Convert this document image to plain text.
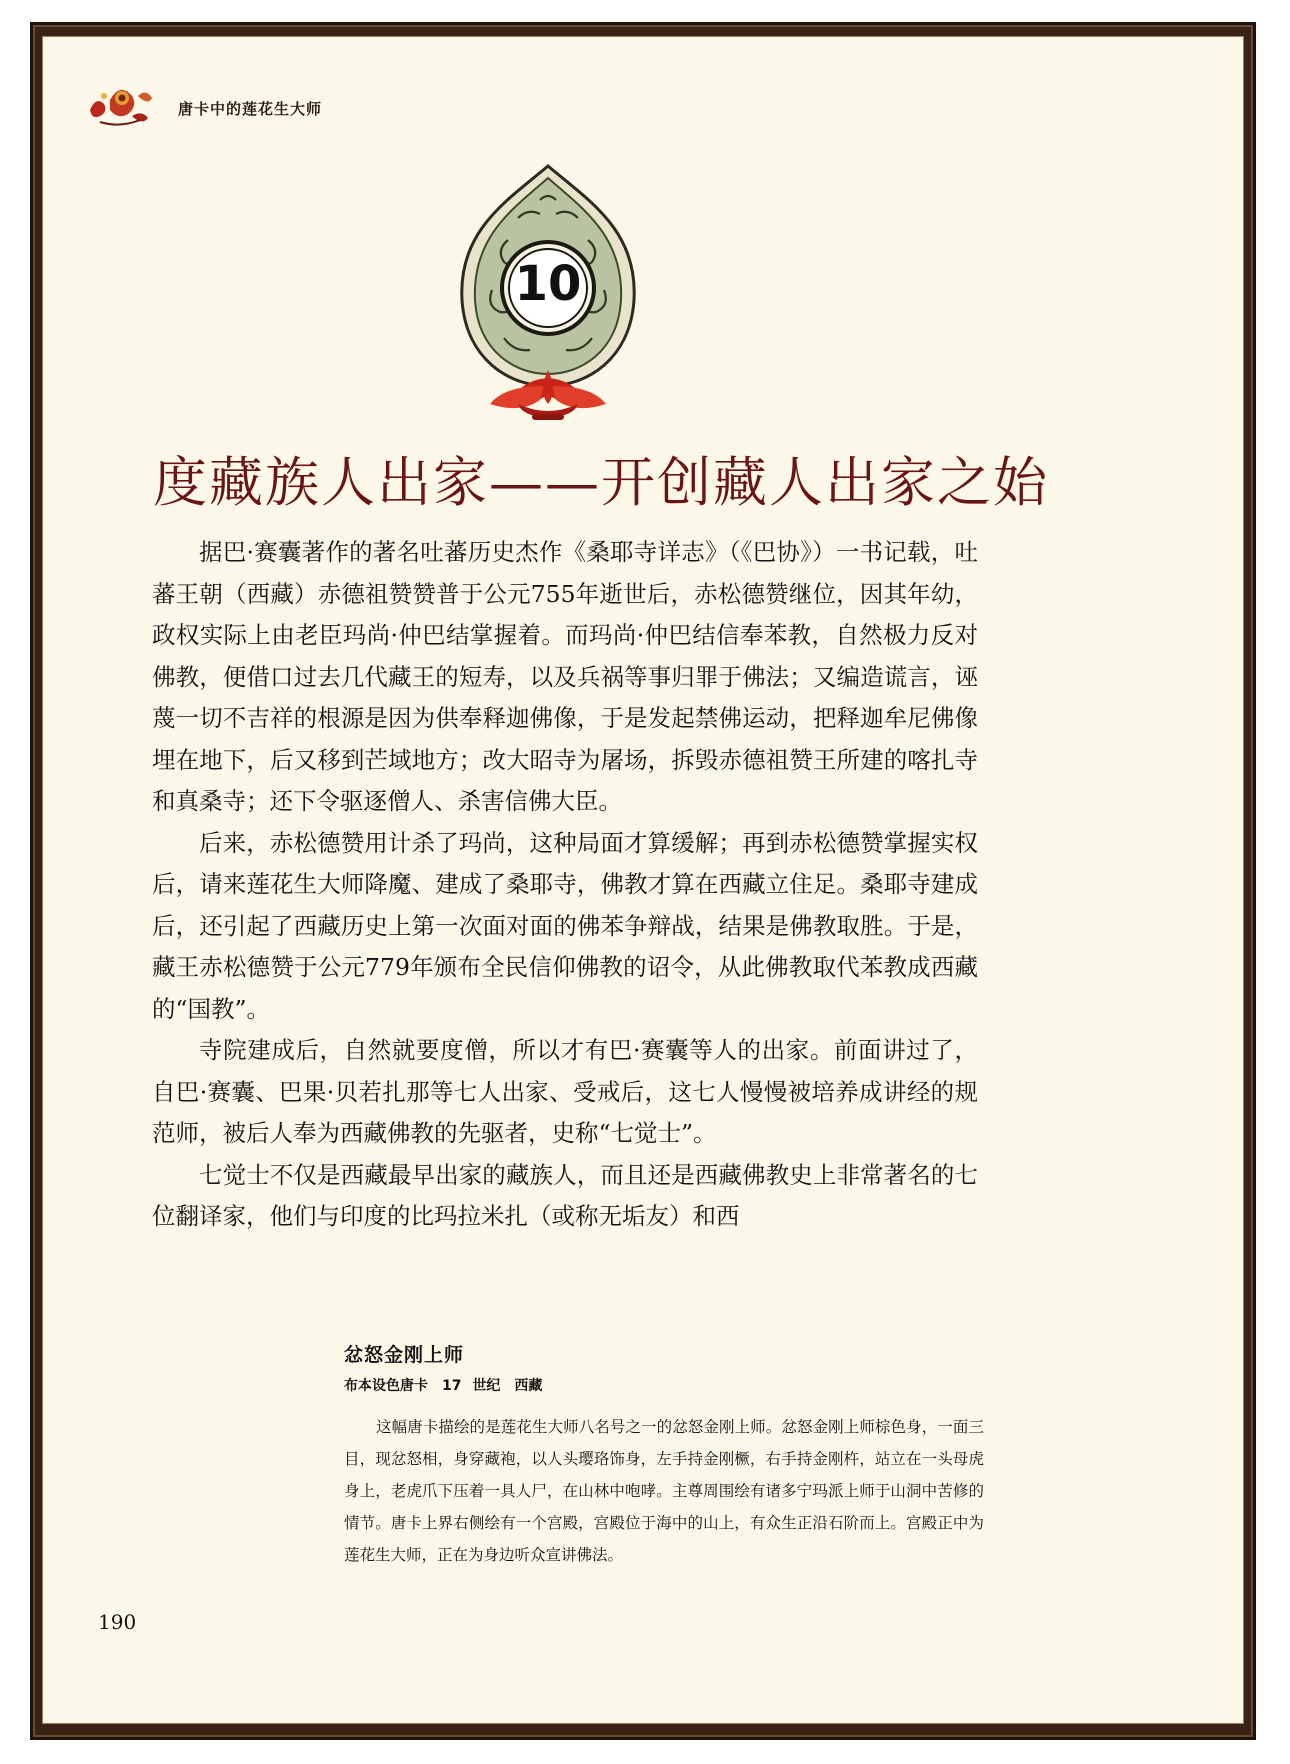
唐卡中的莲花生大师
10
度藏族人出家——开创藏人出家之始

据巴·赛囊著作的著名吐蕃历史杰作《桑耶寺详志》（《巴协》）一书记载，吐蕃王朝（西藏）赤德祖赞赞普于公元755年逝世后，赤松德赞继位，因其年幼，政权实际上由老臣玛尚·仲巴结掌握着。而玛尚·仲巴结信奉苯教，自然极力反对佛教，便借口过去几代藏王的短寿，以及兵祸等事归罪于佛法；又编造谎言，诬蔑一切不吉祥的根源是因为供奉释迦佛像，于是发起禁佛运动，把释迦牟尼佛像埋在地下，后又移到芒域地方；改大昭寺为屠场，拆毁赤德祖赞王所建的喀扎寺和真桑寺；还下令驱逐僧人、杀害信佛大臣。

后来，赤松德赞用计杀了玛尚，这种局面才算缓解；再到赤松德赞掌握实权后，请来莲花生大师降魔、建成了桑耶寺，佛教才算在西藏立住足。桑耶寺建成后，还引起了西藏历史上第一次面对面的佛苯争辩战，结果是佛教取胜。于是，藏王赤松德赞于公元779年颁布全民信仰佛教的诏令，从此佛教取代苯教成西藏的“国教”。

寺院建成后，自然就要度僧，所以才有巴·赛囊等人的出家。前面讲过了，自巴·赛囊、巴果·贝若扎那等七人出家、受戒后，这七人慢慢被培养成讲经的规范师，被后人奉为西藏佛教的先驱者，史称“七觉士”。

七觉士不仅是西藏最早出家的藏族人，而且还是西藏佛教史上非常著名的七位翻译家，他们与印度的比玛拉米扎（或称无垢友）和西

忿怒金刚上师
布本设色唐卡　17 世纪　西藏

这幅唐卡描绘的是莲花生大师八名号之一的忿怒金刚上师。忿怒金刚上师棕色身，一面三目，现忿怒相，身穿藏袍，以人头璎珞饰身，左手持金刚橛，右手持金刚杵，站立在一头母虎身上，老虎爪下压着一具人尸，在山林中咆哮。主尊周围绘有诸多宁玛派上师于山洞中苦修的情节。唐卡上界右侧绘有一个宫殿，宫殿位于海中的山上，有众生正沿石阶而上。宫殿正中为莲花生大师，正在为身边听众宣讲佛法。

190
